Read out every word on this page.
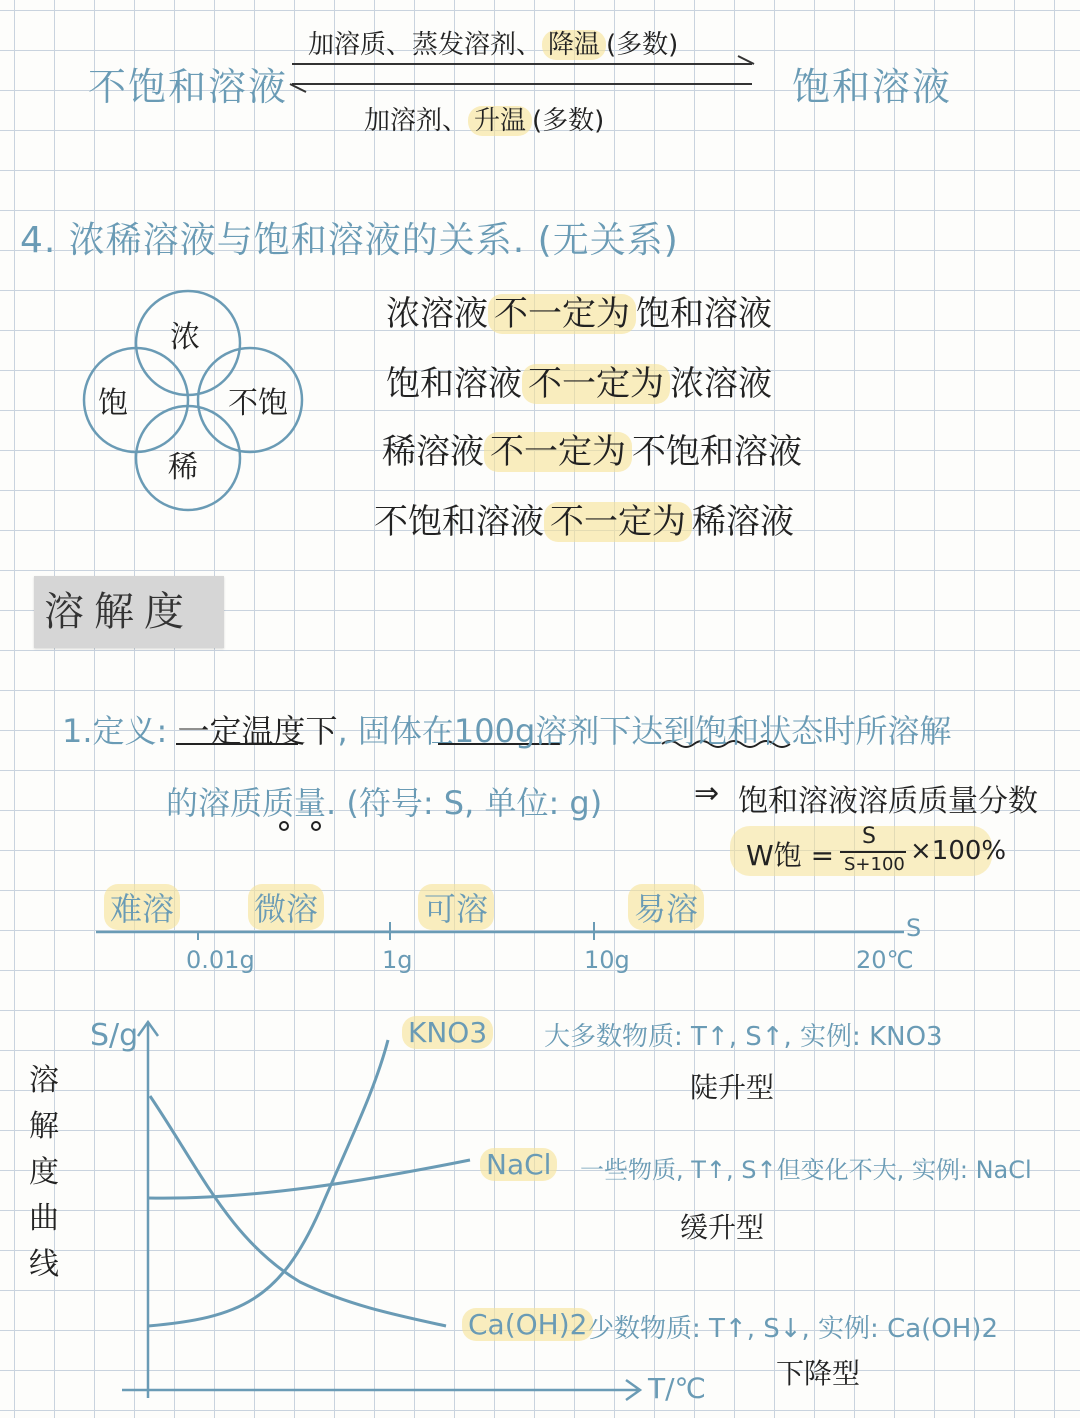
不饱和溶液	饱和溶液
加溶质、蒸发溶剂、 降温 (多数)
加溶剂、 升温 (多数)
4. 浓稀溶液与饱和溶液的关系. (无关系)
浓
饱	不饱
稀
浓溶液 不一定为 饱和溶液
饱和溶液 不一定为 浓溶液
稀溶液 不一定为 不饱和溶液
不饱和溶液 不一定为 稀溶液
溶解度
1.定义: 一定温度下, 固体在100g溶剂下达到饱和状态时所溶解
的溶质质量. (符号: S, 单位: g)	⇒ 饱和溶液溶质质量分数
W饱 =
S
S+100 ×100%
难溶 微溶	可溶	易溶
0.01g	1g	10g	20℃
S
溶
解
度
曲
线
S/g
T/℃
KNO3 大多数物质: T↑, S↑, 实例: KNO3
陡升型
NaCl 一些物质, T↑, S↑但变化不大, 实例: NaCl
缓升型
Ca(OH)2 少数物质: T↑, S↓, 实例: Ca(OH)2
下降型
